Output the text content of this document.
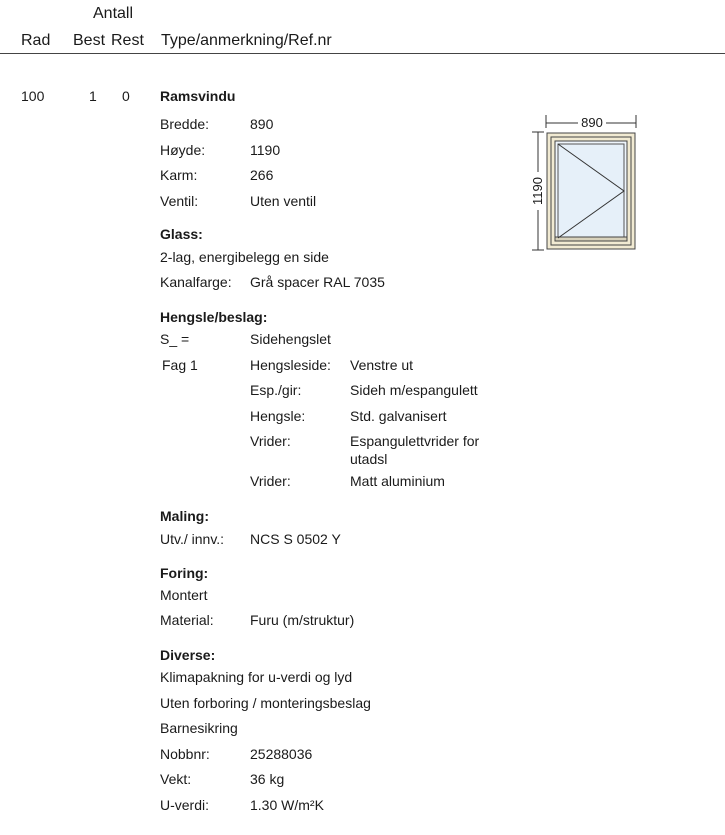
Antall
Rad Best Rest Type/anmerkning/Ref.nr
100	1 0 Ramsvindu
Bredde:	890
Høyde:	1190
Karm:	266
Ventil:	Uten ventil
Glass:
2-lag, energibelegg en side
Kanalfarge: Grå spacer RAL 7035
Hengsle/beslag:
S_ =	Sidehengslet
Fag 1	Hengsleside: Venstre ut
Esp./gir:	Sideh m/espangulett
Hengsle:	Std. galvanisert
Vrider:	Espangulettvrider for
utadsl
Vrider:	Matt aluminium
Maling:
Utv./ innv.: NCS S 0502 Y
Foring:
Montert
Material:	Furu (m/struktur)
Diverse:
Klimapakning for u-verdi og lyd
Uten forboring / monteringsbeslag
Barnesikring
Nobbnr:	25288036
Vekt:	36 kg
U-verdi:	1.30 W/m²K
890
1190
